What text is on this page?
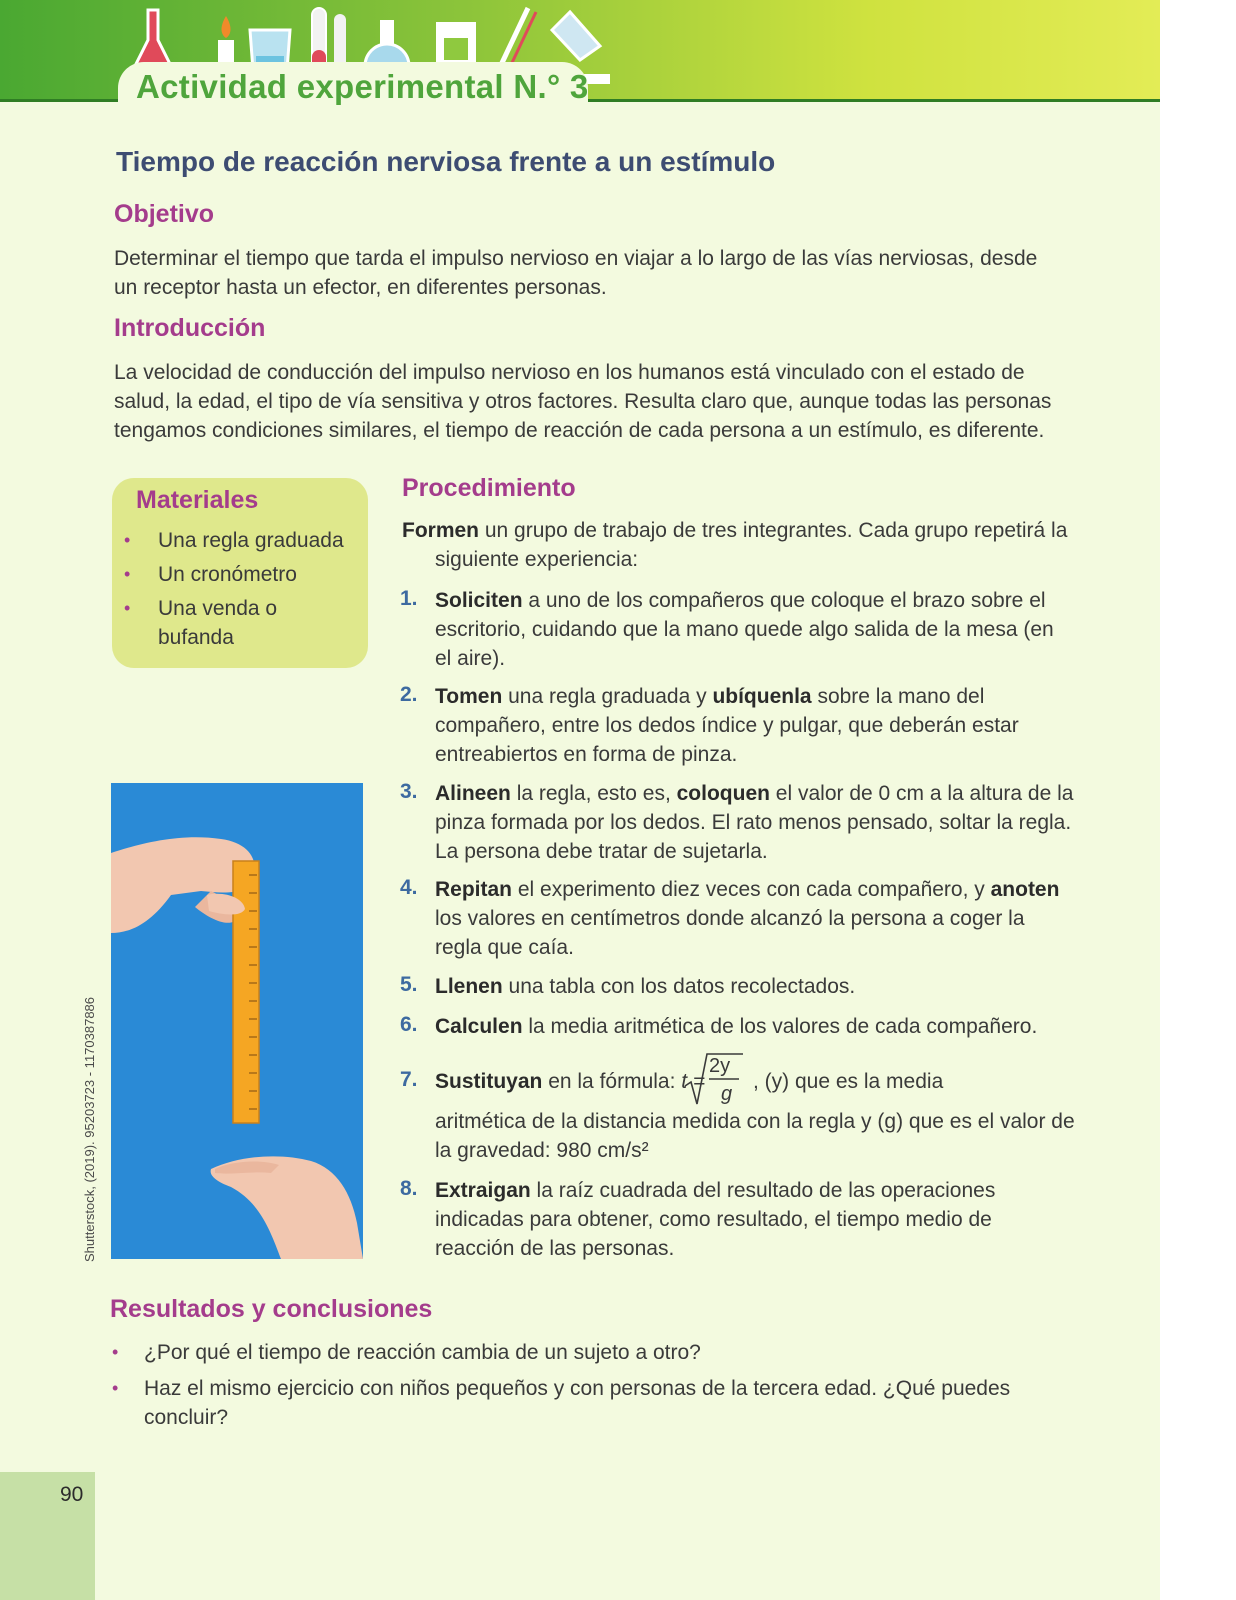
Actividad experimental N.° 3
Tiempo de reacción nerviosa frente a un estímulo
Objetivo
Determinar el tiempo que tarda el impulso nervioso en viajar a lo largo de las vías nerviosas, desde
un receptor hasta un efector, en diferentes personas.
Introducción
La velocidad de conducción del impulso nervioso en los humanos está vinculado con el estado de
salud, la edad, el tipo de vía sensitiva y otros factores. Resulta claro que, aunque todas las personas
tengamos condiciones similares, el tiempo de reacción de cada persona a un estímulo, es diferente.
Materiales
• Una regla graduada
• Un cronómetro
• Una venda o bufanda
Shutterstock, (2019). 95203723 - 1170387886
Procedimiento
Formen un grupo de trabajo de tres integrantes. Cada grupo repetirá la siguiente experiencia:
1. Soliciten a uno de los compañeros que coloque el brazo sobre el escritorio, cuidando que la mano quede algo salida de la mesa (en el aire).
2. Tomen una regla graduada y ubíquenla sobre la mano del compañero, entre los dedos índice y pulgar, que deberán estar entreabiertos en forma de pinza.
3. Alineen la regla, esto es, coloquen el valor de 0 cm a la altura de la pinza formada por los dedos. El rato menos pensado, soltar la regla. La persona debe tratar de sujetarla.
4. Repitan el experimento diez veces con cada compañero, y anoten los valores en centímetros donde alcanzó la persona a coger la regla que caía.
5. Llenen una tabla con los datos recolectados.
6. Calculen la media aritmética de los valores de cada compañero.
7. Sustituyan en la fórmula: t =
2y
g
, (y) que es la media
aritmética de la distancia medida con la regla y (g) que es el valor de la gravedad: 980 cm/s²
8. Extraigan la raíz cuadrada del resultado de las operaciones indicadas para obtener, como resultado, el tiempo medio de reacción de las personas.
Resultados y conclusiones
• ¿Por qué el tiempo de reacción cambia de un sujeto a otro?
• Haz el mismo ejercicio con niños pequeños y con personas de la tercera edad. ¿Qué puedes concluir?
90
